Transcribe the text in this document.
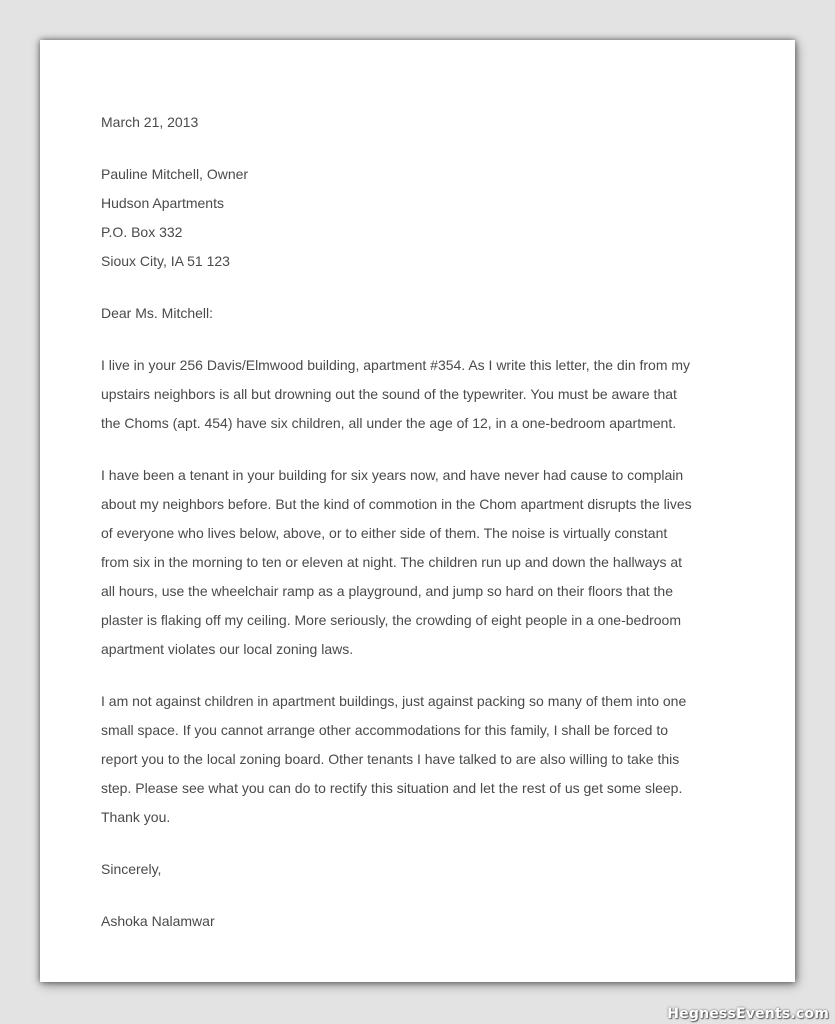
March 21, 2013
Pauline Mitchell, Owner
Hudson Apartments
P.O. Box 332
Sioux City, IA 51 123
Dear Ms. Mitchell:
I live in your 256 Davis/Elmwood building, apartment #354. As I write this letter, the din from my
upstairs neighbors is all but drowning out the sound of the typewriter. You must be aware that
the Choms (apt. 454) have six children, all under the age of 12, in a one-bedroom apartment.
I have been a tenant in your building for six years now, and have never had cause to complain
about my neighbors before. But the kind of commotion in the Chom apartment disrupts the lives
of everyone who lives below, above, or to either side of them. The noise is virtually constant
from six in the morning to ten or eleven at night. The children run up and down the hallways at
all hours, use the wheelchair ramp as a playground, and jump so hard on their floors that the
plaster is flaking off my ceiling. More seriously, the crowding of eight people in a one-bedroom
apartment violates our local zoning laws.
I am not against children in apartment buildings, just against packing so many of them into one
small space. If you cannot arrange other accommodations for this family, I shall be forced to
report you to the local zoning board. Other tenants I have talked to are also willing to take this
step. Please see what you can do to rectify this situation and let the rest of us get some sleep.
Thank you.
Sincerely,
Ashoka Nalamwar
HegnessEvents.com
